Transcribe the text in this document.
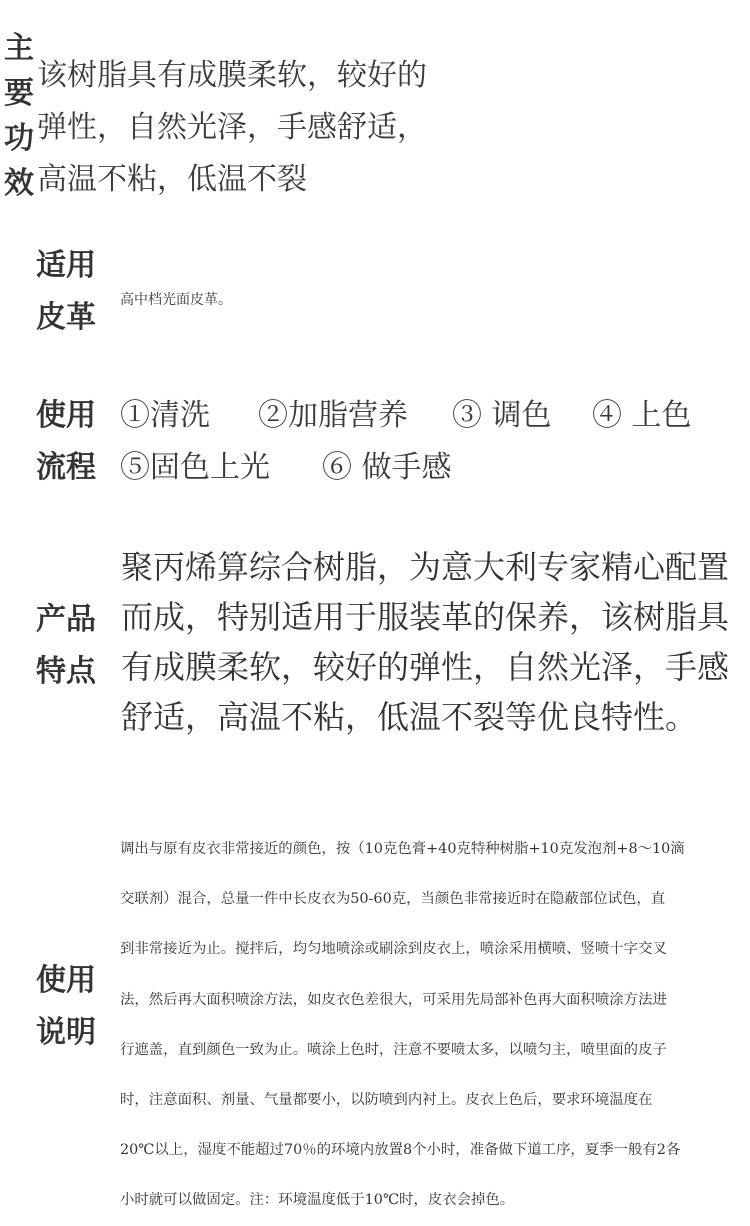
主
要
功
效
该树脂具有成膜柔软，较好的
弹性，自然光泽，手感舒适，
高温不粘，低温不裂
适用
皮革 高中档光面皮革。
使用
流程
①清洗 ②加脂营养 ③ 调色 ④ 上色
⑤固色上光 ⑥ 做手感
产品
特点
聚丙烯算综合树脂，为意大利专家精心配置
而成，特别适用于服装革的保养，该树脂具
有成膜柔软，较好的弹性，自然光泽，手感
舒适，高温不粘，低温不裂等优良特性。
使用
说明
调出与原有皮衣非常接近的颜色，按（10克色膏+40克特种树脂+10克发泡剂+8～10滴
交联剂）混合，总量一件中长皮衣为50-60克，当颜色非常接近时在隐蔽部位试色，直
到非常接近为止。搅拌后，均匀地喷涂或刷涂到皮衣上，喷涂采用横喷、竖喷十字交叉
法，然后再大面积喷涂方法，如皮衣色差很大，可采用先局部补色再大面积喷涂方法进
行遮盖，直到颜色一致为止。喷涂上色时，注意不要喷太多，以喷匀主，喷里面的皮子
时，注意面积、剂量、气量都要小，以防喷到内衬上。皮衣上色后，要求环境温度在
20℃以上，湿度不能超过70％的环境内放置8个小时，准备做下道工序，夏季一般有2各
小时就可以做固定。注：环境温度低于10℃时，皮衣会掉色。
